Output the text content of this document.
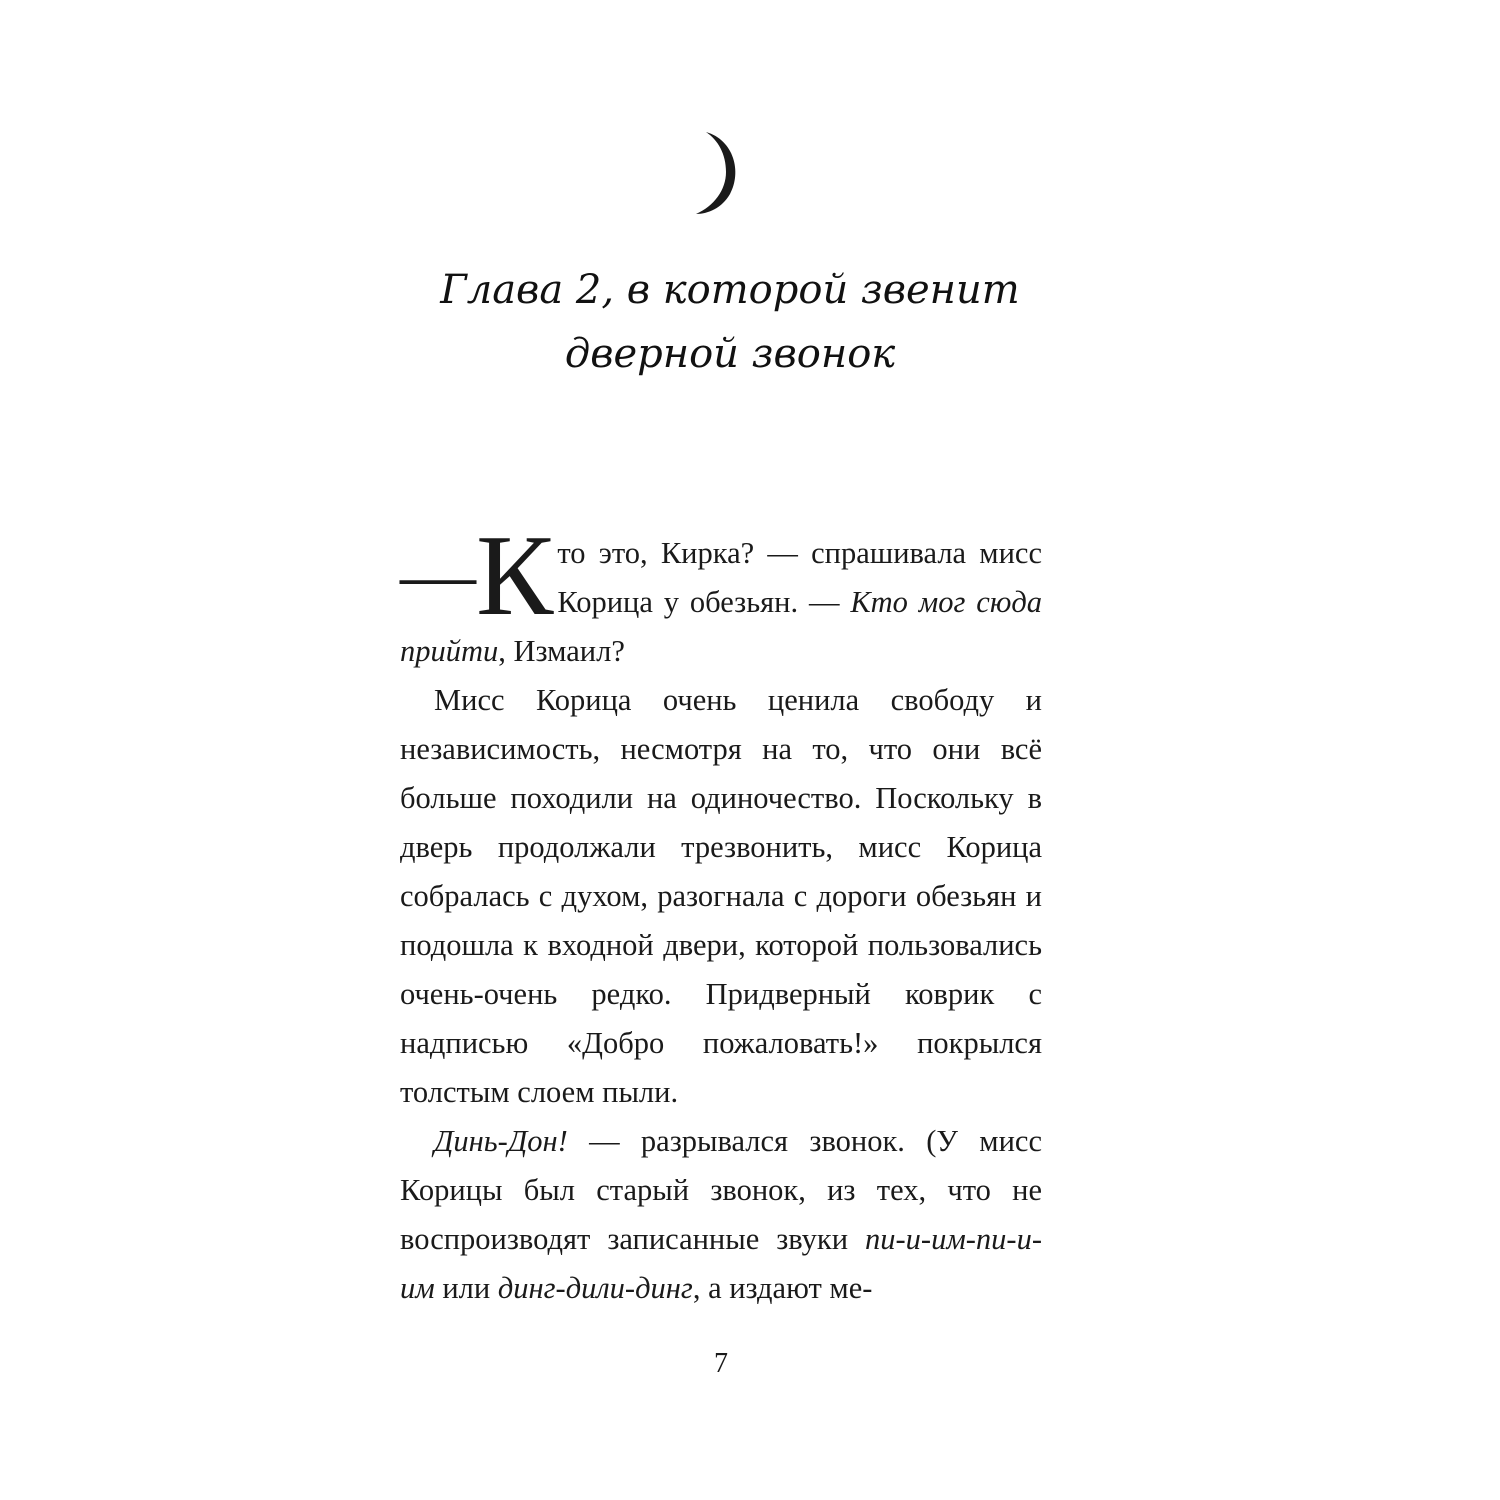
Глава 2, в которой звенит
дверной звонок

— К то это, Кирка? — спрашивала мисс Корица у обезьян. — Кто мог сюда прийти, Измаил?

Мисс Корица очень ценила свободу и независимость, несмотря на то, что они всё больше походили на одиночество. Поскольку в дверь продолжали трезвонить, мисс Корица собралась с духом, разогнала с дороги обезьян и подошла к входной двери, которой пользовались очень-очень редко. Придверный коврик с надписью «Добро пожаловать!» покрылся толстым слоем пыли.

Динь-Дон! — разрывался звонок. (У мисс Корицы был старый звонок, из тех, что не воспроизводят записанные звуки пи-и-им-пи-и-им или динг-дили-динг, а издают ме-

7
